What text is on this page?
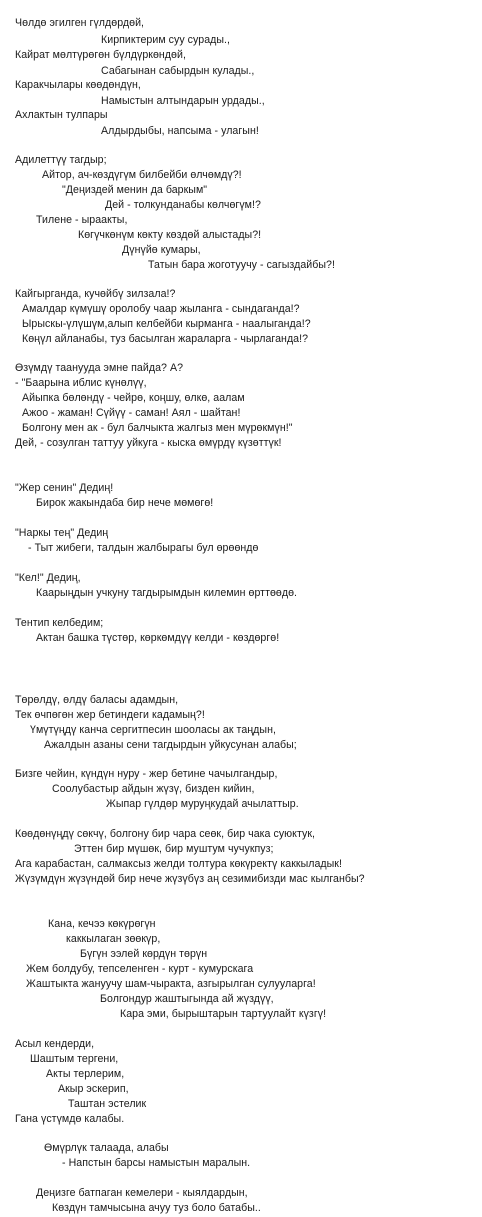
Чөлдө эгилген гүлдөрдөй,
Кирпиктерим суу сурады.,
Кайрат мөлтүрөгөн бүлдүркөндөй,
Сабагынан сабырдын кулады.,
Каракчылары көөдөндүн,
Намыстын алтындарын урдады.,
Ахлактын тулпары
Алдырдыбы, напсыма - улагын!
Адилеттүү тагдыр;
Айтор, ач-көздүгүм билбейби өлчөмдү?!
"Деңиздей менин да баркым"
Дей - толкунданабы көлчөгүм!?
Тилене - ыраакты,
Көгүчкөнүм көкту көздөй алыстады?!
Дүнүйө кумары,
Татын бара жоготуучу - сагыздайбы?!
Кайгырганда, кучөйбү зилзала!?
Амалдар күмүшү оролобу чаар жыланга - сындаганда!?
Ырыскы-үлүшүм,алып келбейби кырманга - наалыганда!?
Көңүл айланабы, туз басылган жараларга - чырлаганда!?
Өзүмдү таанууда эмне пайда? А?
- "Баарына иблис күнөлүү,
Айыпка бөлөндү - чейрө, коңшу, өлкө, аалам
Ажоо - жаман! Сүйүү - саман! Аял - шайтан!
Болгону мен ак - бул балчыкта жалгыз мен мүрөкмүн!"
Дей, - созулган таттуу уйкуга - кыска өмүрдү күзөттүк!
"Жер сенин" Дедиң!
Бирок жакындаба бир нече мөмөгө!
"Наркы тең" Дедиң
- Тыт жибеги, талдын жалбырагы бул өрөөндө
"Кел!" Дедиң,
Каарыңдын учкуну тагдырымдын килемин өрттөөдө.
Тентип келбедим;
Актан башка түстөр, көркөмдүү келди - көздөргө!
Төрөлдү, өлдү баласы адамдын,
Тек өчпөгөн жер бетиндеги кадамың?!
Үмүтүңдү канча сергитпесин шооласы ак таңдын,
Ажалдын азаны сени тагдырдын уйкусунан алабы;
Бизге чейин, күндүн нуру - жер бетине чачылгандыр,
Соолубастыр айдын жүзү, бизден кийин,
Жыпар гүлдөр муруңкудай ачылаттыр.
Көөдөнүңдү сөкчү, болгону бир чара сеөк, бир чака суюктук,
Эттен бир мүшөк, бир муштум чучукпуз;
Ага карабастан, салмаксыз желди толтура көкүректү каккыладык!
Жүзүмдүн жүзүндөй бир нече жүзүбүз аң сезимибизди мас кылганбы?
Кана, кечээ көкүрөгүн
каккылаган зөөкүр,
Бүгүн ээлей көрдүн төрүн
Жем болдубу, тепселенген - курт - кумурскага
Жаштыкта жануучу шам-чыракта, азгырылган сулууларга!
Болгондур жаштыгында ай жүздүү,
Кара эми, бырыштарын тартуулайт күзгү!
Асыл кендерди,
Шаштым тергени,
Акты терлерим,
Акыр эскерип,
Таштан эстелик
Гана үстүмдө калабы.
Өмүрлүк талаада, алабы
- Напстын барсы намыстын маралын.
Деңизге батпаган кемелери - кыялдардын,
Көздүн тамчысына ачуу туз боло батабы..
